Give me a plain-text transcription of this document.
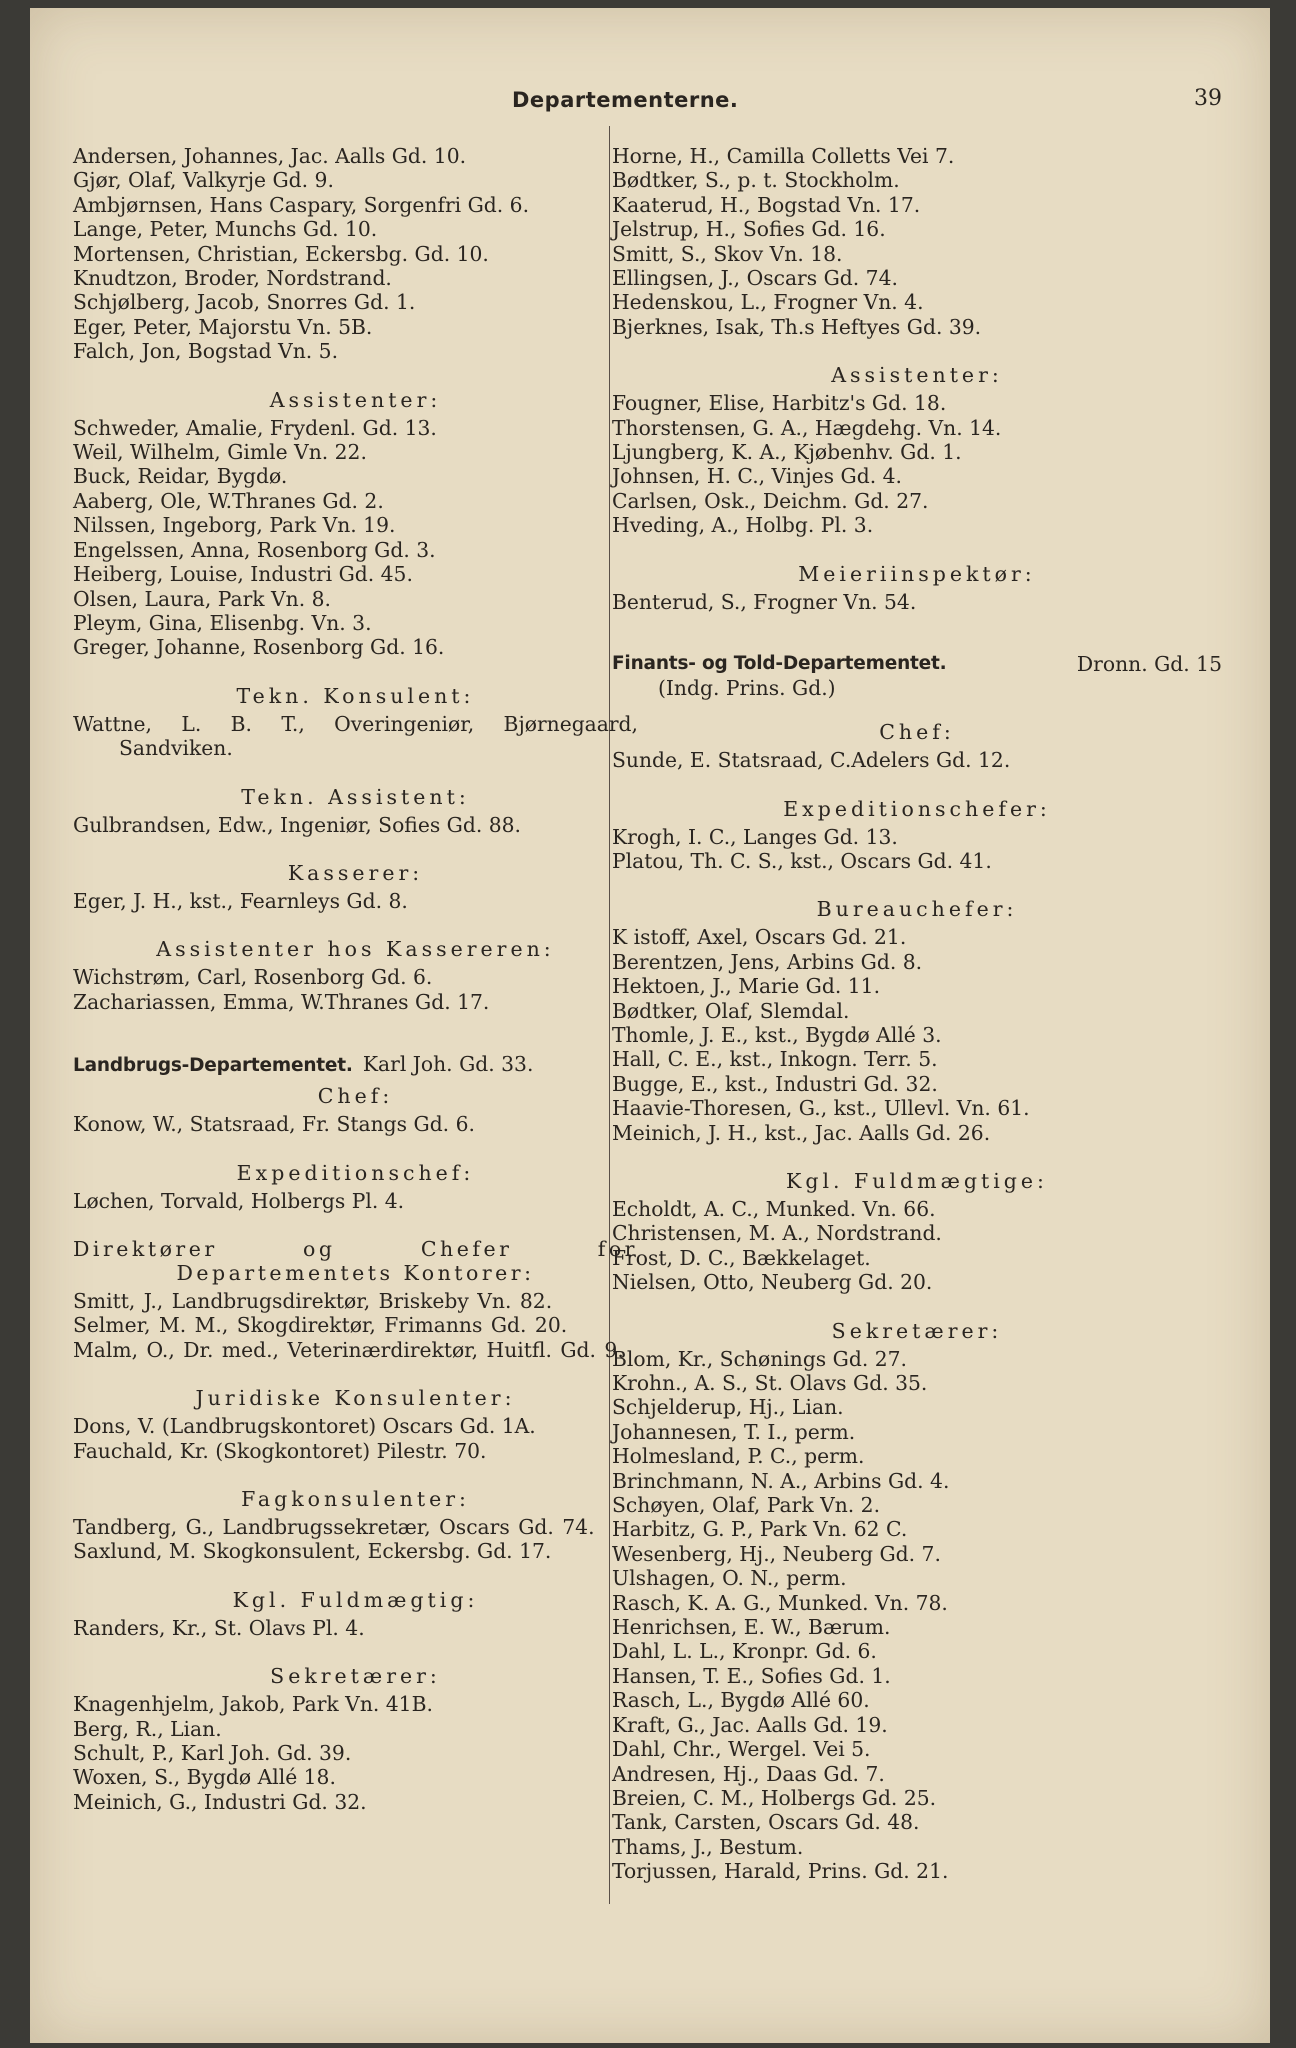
Departementerne.	39

Andersen, Johannes, Jac. Aalls Gd. 10.

Gjør, Olaf, Valkyrje Gd. 9.

Ambjørnsen, Hans Caspary, Sorgenfri Gd. 6.

Lange, Peter, Munchs Gd. 10.

Mortensen, Christian, Eckersbg. Gd. 10.

Knudtzon, Broder, Nordstrand.

Schjølberg, Jacob, Snorres Gd. 1.

Eger, Peter, Majorstu Vn. 5B.

Falch, Jon, Bogstad Vn. 5.

Assistenter:

Schweder, Amalie, Frydenl. Gd. 13.

Weil, Wilhelm, Gimle Vn. 22.

Buck, Reidar, Bygdø.

Aaberg, Ole, W.Thranes Gd. 2.

Nilssen, Ingeborg, Park Vn. 19.

Engelssen, Anna, Rosenborg Gd. 3.

Heiberg, Louise, Industri Gd. 45.

Olsen, Laura, Park Vn. 8.

Pleym, Gina, Elisenbg. Vn. 3.

Greger, Johanne, Rosenborg Gd. 16.

Tekn. Konsulent:

Wattne, L. B. T., Overingeniør, Bjørnegaard, Sandviken.

Tekn. Assistent:

Gulbrandsen, Edw., Ingeniør, Sofies Gd. 88.

Kasserer:

Eger, J. H., kst., Fearnleys Gd. 8.

Assistenter hos Kassereren:

Wichstrøm, Carl, Rosenborg Gd. 6.

Zachariassen, Emma, W.Thranes Gd. 17.

Landbrugs-Departementet.  Karl Joh. Gd. 33.
Chef:

Konow, W., Statsraad, Fr. Stangs Gd. 6.

Expeditionschef:

Løchen, Torvald, Holbergs Pl. 4.

Direktører og Chefer for Departementets Kontorer:

Smitt, J., Landbrugsdirektør, Briskeby Vn. 82.

Selmer, M. M., Skogdirektør, Frimanns Gd. 20.

Malm, O., Dr. med., Veterinærdirektør, Huitfl. Gd. 9.

Juridiske Konsulenter:

Dons, V. (Landbrugskontoret) Oscars Gd. 1A.

Fauchald, Kr. (Skogkontoret) Pilestr. 70.

Fagkonsulenter:

Tandberg, G., Landbrugssekretær, Oscars Gd. 74.

Saxlund, M. Skogkonsulent, Eckersbg. Gd. 17.

Kgl. Fuldmægtig:

Randers, Kr., St. Olavs Pl. 4.

Sekretærer:

Knagenhjelm, Jakob, Park Vn. 41B.

Berg, R., Lian.

Schult, P., Karl Joh. Gd. 39.

Woxen, S., Bygdø Allé 18.

Meinich, G., Industri Gd. 32.

Horne, H., Camilla Colletts Vei 7.

Bødtker, S., p. t. Stockholm.

Kaaterud, H., Bogstad Vn. 17.

Jelstrup, H., Sofies Gd. 16.

Smitt, S., Skov Vn. 18.

Ellingsen, J., Oscars Gd. 74.

Hedenskou, L., Frogner Vn. 4.

Bjerknes, Isak, Th.s Heftyes Gd. 39.

Assistenter:

Fougner, Elise, Harbitz's Gd. 18.

Thorstensen, G. A., Hægdehg. Vn. 14.

Ljungberg, K. A., Kjøbenhv. Gd. 1.

Johnsen, H. C., Vinjes Gd. 4.

Carlsen, Osk., Deichm. Gd. 27.

Hveding, A., Holbg. Pl. 3.

Meieriinspektør:

Benterud, S., Frogner Vn. 54.

Finants- og Told-Departementet.	Dronn. Gd. 15
(Indg. Prins. Gd.)
Chef:

Sunde, E. Statsraad, C.Adelers Gd. 12.

Expeditionschefer:

Krogh, I. C., Langes Gd. 13.

Platou, Th. C. S., kst., Oscars Gd. 41.

Bureauchefer:

K istoff, Axel, Oscars Gd. 21.

Berentzen, Jens, Arbins Gd. 8.

Hektoen, J., Marie Gd. 11.

Bødtker, Olaf, Slemdal.

Thomle, J. E., kst., Bygdø Allé 3.

Hall, C. E., kst., Inkogn. Terr. 5.

Bugge, E., kst., Industri Gd. 32.

Haavie-Thoresen, G., kst., Ullevl. Vn. 61.

Meinich, J. H., kst., Jac. Aalls Gd. 26.

Kgl. Fuldmægtige:

Echoldt, A. C., Munked. Vn. 66.

Christensen, M. A., Nordstrand.

Frost, D. C., Bækkelaget.

Nielsen, Otto, Neuberg Gd. 20.

Sekretærer:

Blom, Kr., Schønings Gd. 27.

Krohn., A. S., St. Olavs Gd. 35.

Schjelderup, Hj., Lian.

Johannesen, T. I., perm.

Holmesland, P. C., perm.

Brinchmann, N. A., Arbins Gd. 4.

Schøyen, Olaf, Park Vn. 2.

Harbitz, G. P., Park Vn. 62 C.

Wesenberg, Hj., Neuberg Gd. 7.

Ulshagen, O. N., perm.

Rasch, K. A. G., Munked. Vn. 78.

Henrichsen, E. W., Bærum.

Dahl, L. L., Kronpr. Gd. 6.

Hansen, T. E., Sofies Gd. 1.

Rasch, L., Bygdø Allé 60.

Kraft, G., Jac. Aalls Gd. 19.

Dahl, Chr., Wergel. Vei 5.

Andresen, Hj., Daas Gd. 7.

Breien, C. M., Holbergs Gd. 25.

Tank, Carsten, Oscars Gd. 48.

Thams, J., Bestum.

Torjussen, Harald, Prins. Gd. 21.
